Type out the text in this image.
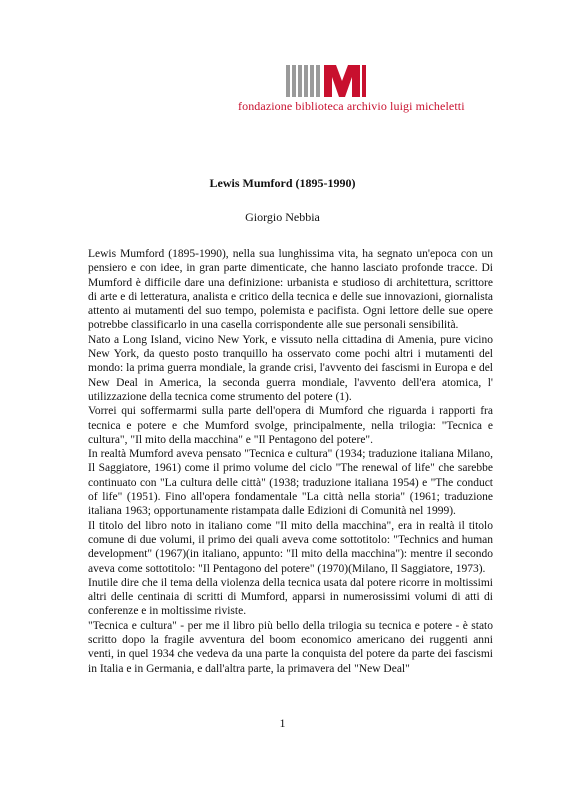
fondazione biblioteca archivio luigi micheletti
Lewis Mumford (1895-1990)
Giorgio Nebbia

Lewis Mumford (1895-1990), nella sua lunghissima vita, ha segnato un'epoca con un pensiero e con idee, in gran parte dimenticate, che hanno lasciato profonde tracce. Di Mumford è difficile dare una definizione: urbanista e studioso di architettura, scrittore di arte e di letteratura, analista e critico della tecnica e delle sue innovazioni, giornalista attento ai mutamenti del suo tempo, polemista e pacifista. Ogni lettore delle sue opere potrebbe classificarlo in una casella corrispondente alle sue personali sensibilità.

Nato a Long Island, vicino New York, e vissuto nella cittadina di Amenia, pure vicino New York, da questo posto tranquillo ha osservato come pochi altri i mutamenti del mondo: la prima guerra mondiale, la grande crisi, l'avvento dei fascismi in Europa e del New Deal in America, la seconda guerra mondiale, l'avvento dell'era atomica, l' utilizzazione della tecnica come strumento del potere (1).

Vorrei qui soffermarmi sulla parte dell'opera di Mumford che riguarda i rapporti fra tecnica e potere e che Mumford svolge, principalmente, nella trilogia: "Tecnica e cultura", "Il mito della macchina" e "Il Pentagono del potere".

In realtà Mumford aveva pensato "Tecnica e cultura" (1934; traduzione italiana Milano, Il Saggiatore, 1961) come il primo volume del ciclo "The renewal of life" che sarebbe continuato con "La cultura delle città" (1938; traduzione italiana 1954) e "The conduct of life" (1951). Fino all'opera fondamentale "La città nella storia" (1961; traduzione italiana 1963; opportunamente ristampata dalle Edizioni di Comunità nel 1999).

Il titolo del libro noto in italiano come "Il mito della macchina", era in realtà il titolo comune di due volumi, il primo dei quali aveva come sottotitolo: "Technics and human development" (1967)(in italiano, appunto: "Il mito della macchina"): mentre il secondo aveva come sottotitolo: "Il Pentagono del potere" (1970)(Milano, Il Saggiatore, 1973).

Inutile dire che il tema della violenza della tecnica usata dal potere ricorre in moltissimi altri delle centinaia di scritti di Mumford, apparsi in numerosissimi volumi di atti di conferenze e in moltissime riviste.

"Tecnica e cultura" - per me il libro più bello della trilogia su tecnica e potere - è stato scritto dopo la fragile avventura del boom economico americano dei ruggenti anni venti, in quel 1934 che vedeva da una parte la conquista del potere da parte dei fascismi in Italia e in Germania, e dall'altra parte, la primavera del "New Deal"

1
